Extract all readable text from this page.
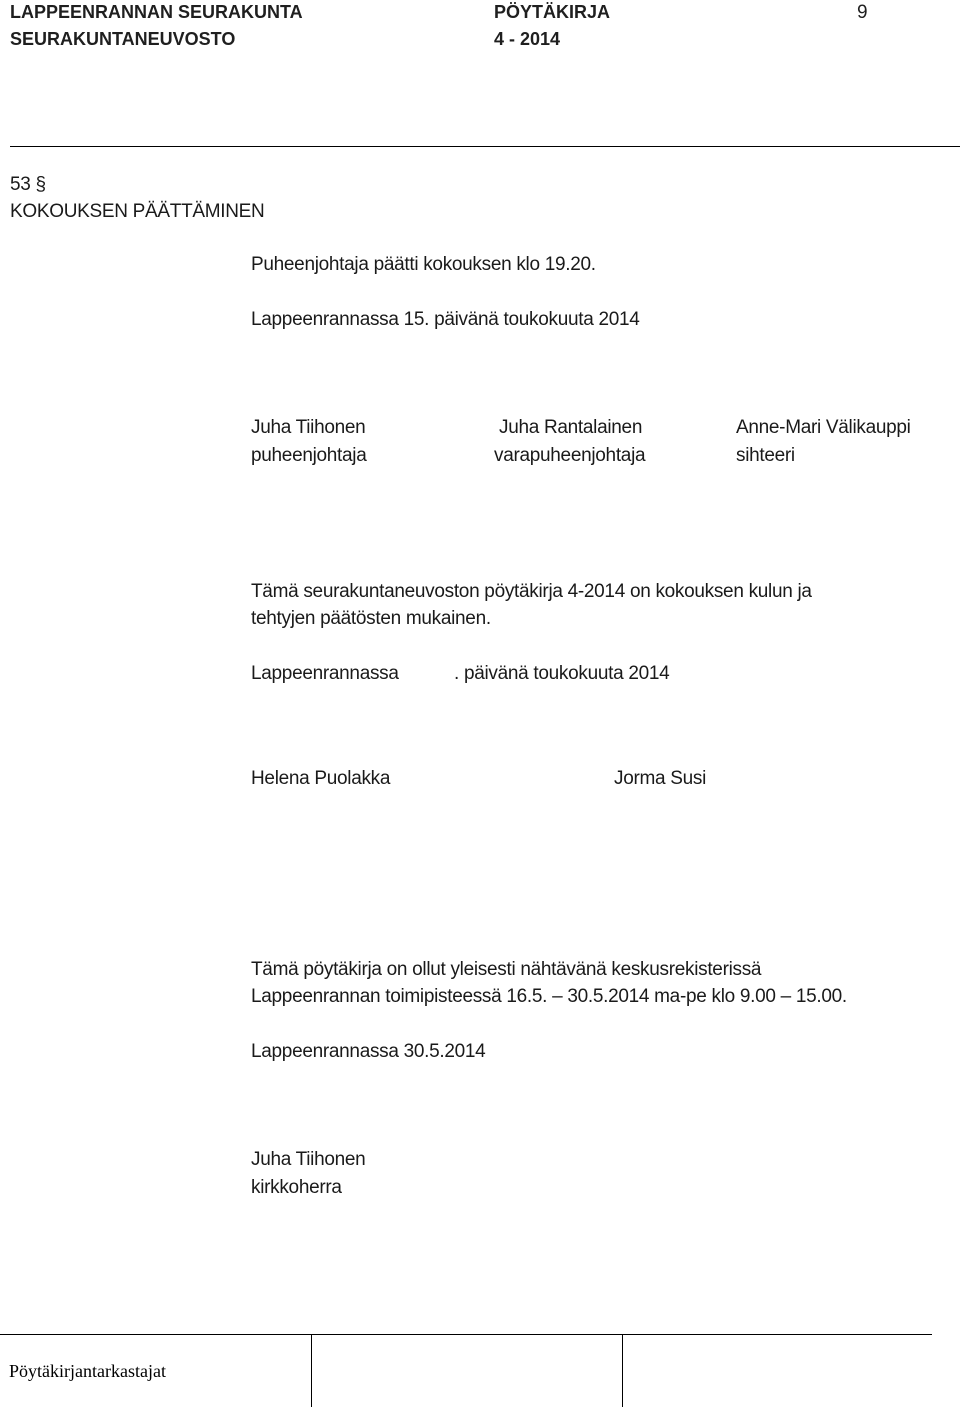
LAPPEENRANNAN SEURAKUNTA
SEURAKUNTANEUVOSTO
PÖYTÄKIRJA
4 - 2014
9
53 §
KOKOUKSEN PÄÄTTÄMINEN
Puheenjohtaja päätti kokouksen klo 19.20.
Lappeenrannassa 15. päivänä toukokuuta 2014
Juha Tiihonen
puheenjohtaja
Juha Rantalainen
varapuheenjohtaja
Anne-Mari Välikauppi
sihteeri
Tämä seurakuntaneuvoston pöytäkirja 4-2014 on kokouksen kulun ja
tehtyjen päätösten mukainen.
Lappeenrannassa	. päivänä toukokuuta 2014
Helena Puolakka	Jorma Susi
Tämä pöytäkirja on ollut yleisesti nähtävänä keskusrekisterissä
Lappeenrannan toimipisteessä 16.5. – 30.5.2014 ma-pe klo 9.00 – 15.00.
Lappeenrannassa 30.5.2014
Juha Tiihonen
kirkkoherra
Pöytäkirjantarkastajat
